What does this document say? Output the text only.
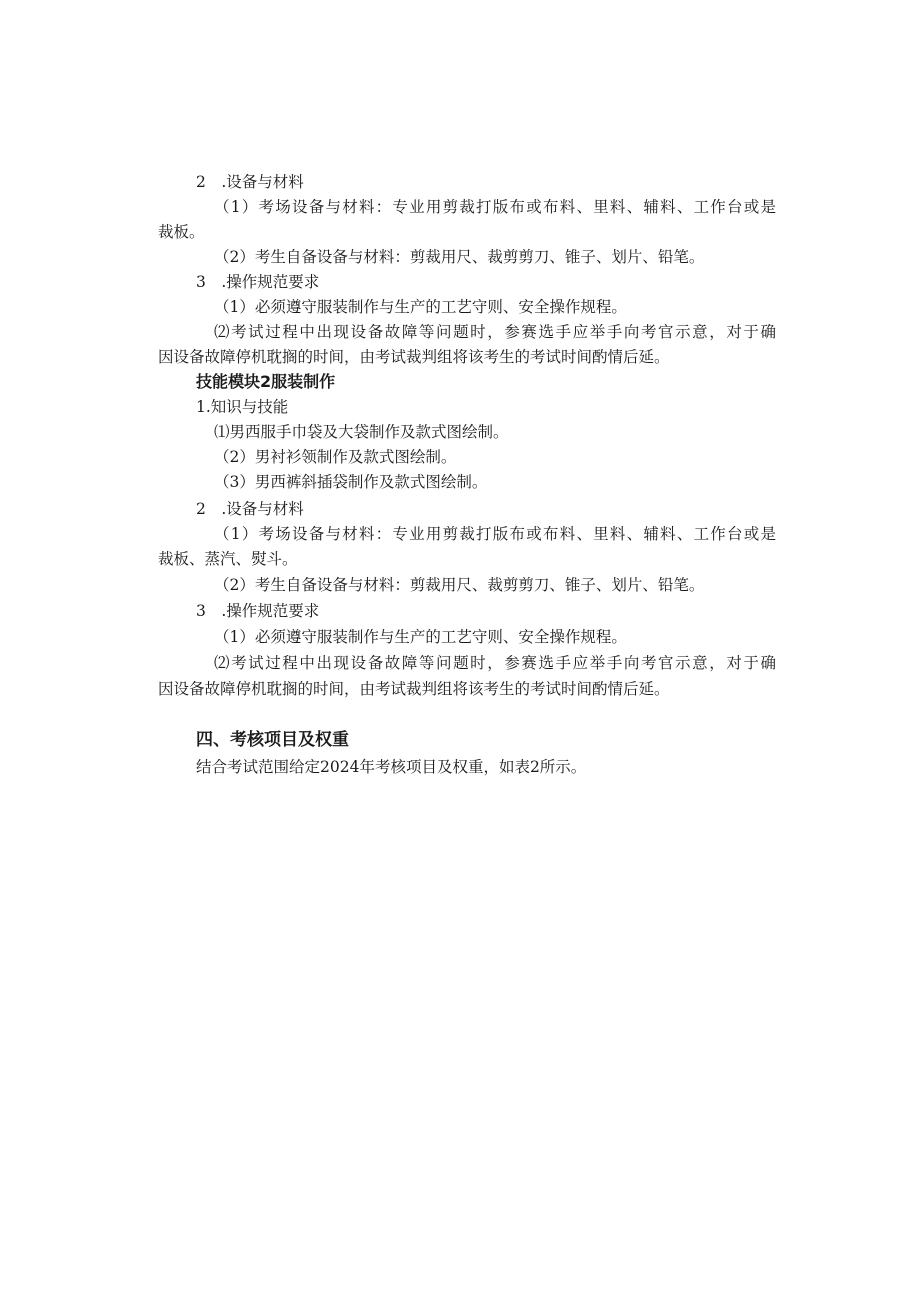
2　.设备与材料
（1）考场设备与材料：专业用剪裁打版布或布料、里料、辅料、工作台或是
裁板。
（2）考生自备设备与材料：剪裁用尺、裁剪剪刀、锥子、划片、铅笔。
3　.操作规范要求
（1）必须遵守服装制作与生产的工艺守则、安全操作规程。
⑵考试过程中出现设备故障等问题时，参赛选手应举手向考官示意，对于确
因设备故障停机耽搁的时间，由考试裁判组将该考生的考试时间酌情后延。
技能模块2服装制作
1.知识与技能
⑴男西服手巾袋及大袋制作及款式图绘制。
（2）男衬衫领制作及款式图绘制。
（3）男西裤斜插袋制作及款式图绘制。
2　.设备与材料
（1）考场设备与材料：专业用剪裁打版布或布料、里料、辅料、工作台或是
裁板、蒸汽、熨斗。
（2）考生自备设备与材料：剪裁用尺、裁剪剪刀、锥子、划片、铅笔。
3　.操作规范要求
（1）必须遵守服装制作与生产的工艺守则、安全操作规程。
⑵考试过程中出现设备故障等问题时，参赛选手应举手向考官示意，对于确
因设备故障停机耽搁的时间，由考试裁判组将该考生的考试时间酌情后延。
四、考核项目及权重
结合考试范围给定2024年考核项目及权重，如表2所示。
